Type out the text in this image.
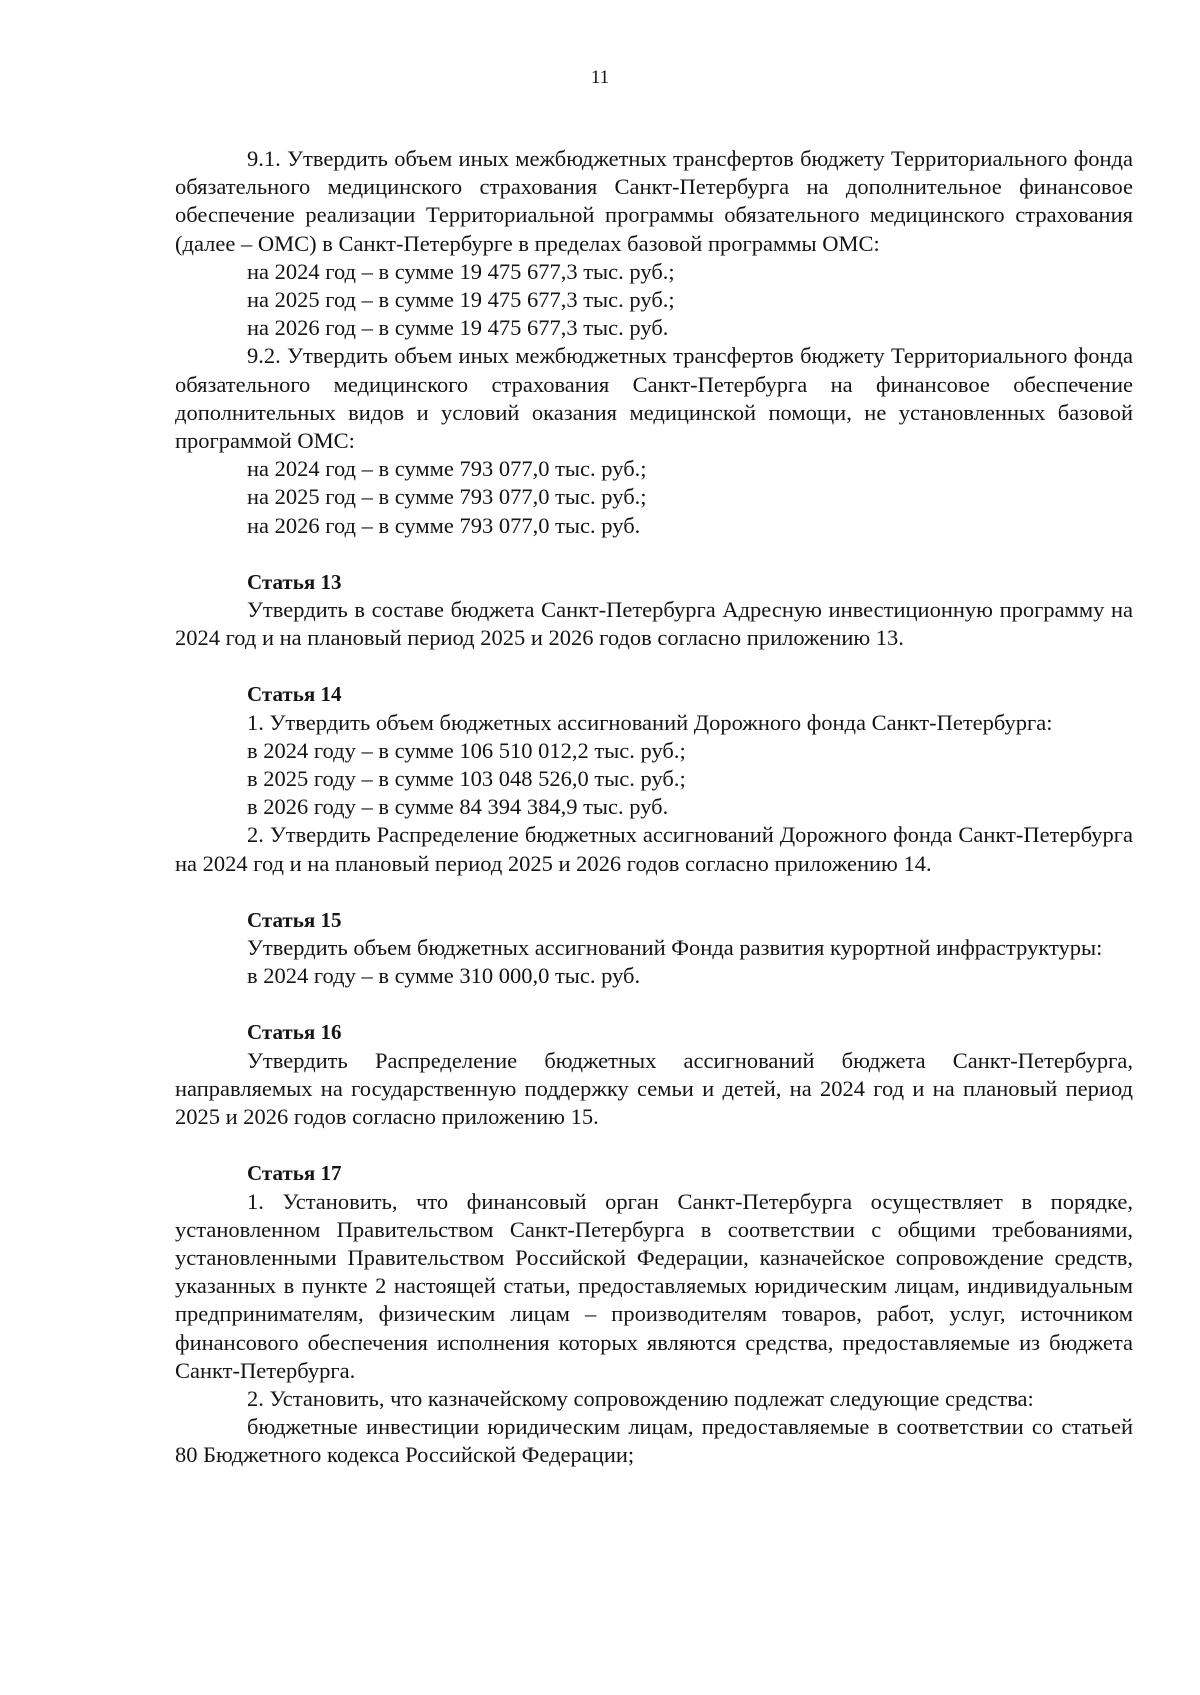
11

9.1. Утвердить объем иных межбюджетных трансфертов бюджету Территориального фонда обязательного медицинского страхования Санкт-Петербурга на дополнительное финансовое обеспечение реализации Территориальной программы обязательного медицинского страхования (далее – ОМС) в Санкт-Петербурге в пределах базовой программы ОМС:

на 2024 год – в сумме 19 475 677,3 тыс. руб.;

на 2025 год – в сумме 19 475 677,3 тыс. руб.;

на 2026 год – в сумме 19 475 677,3 тыс. руб.

9.2. Утвердить объем иных межбюджетных трансфертов бюджету Территориального фонда обязательного медицинского страхования Санкт-Петербурга на финансовое обеспечение дополнительных видов и условий оказания медицинской помощи, не установленных базовой программой ОМС:

на 2024 год – в сумме 793 077,0 тыс. руб.;

на 2025 год – в сумме 793 077,0 тыс. руб.;

на 2026 год – в сумме 793 077,0 тыс. руб.

Статья 13

Утвердить в составе бюджета Санкт-Петербурга Адресную инвестиционную программу на 2024 год и на плановый период 2025 и 2026 годов согласно приложению 13.

Статья 14

1. Утвердить объем бюджетных ассигнований Дорожного фонда Санкт-Петербурга:

в 2024 году – в сумме 106 510 012,2 тыс. руб.;

в 2025 году – в сумме 103 048 526,0 тыс. руб.;

в 2026 году – в сумме 84 394 384,9 тыс. руб.

2. Утвердить Распределение бюджетных ассигнований Дорожного фонда Санкт-Петербурга на 2024 год и на плановый период 2025 и 2026 годов согласно приложению 14.

Статья 15

Утвердить объем бюджетных ассигнований Фонда развития курортной инфраструктуры:

в 2024 году – в сумме 310 000,0 тыс. руб.

Статья 16

Утвердить Распределение бюджетных ассигнований бюджета Санкт-Петербурга, направляемых на государственную поддержку семьи и детей, на 2024 год и на плановый период 2025 и 2026 годов согласно приложению 15.

Статья 17

1. Установить, что финансовый орган Санкт-Петербурга осуществляет в порядке, установленном Правительством Санкт-Петербурга в соответствии с общими требованиями, установленными Правительством Российской Федерации, казначейское сопровождение средств, указанных в пункте 2 настоящей статьи, предоставляемых юридическим лицам, индивидуальным предпринимателям, физическим лицам – производителям товаров, работ, услуг, источником финансового обеспечения исполнения которых являются средства, предоставляемые из бюджета Санкт-Петербурга.

2. Установить, что казначейскому сопровождению подлежат следующие средства:

бюджетные инвестиции юридическим лицам, предоставляемые в соответствии со статьей 80 Бюджетного кодекса Российской Федерации;
